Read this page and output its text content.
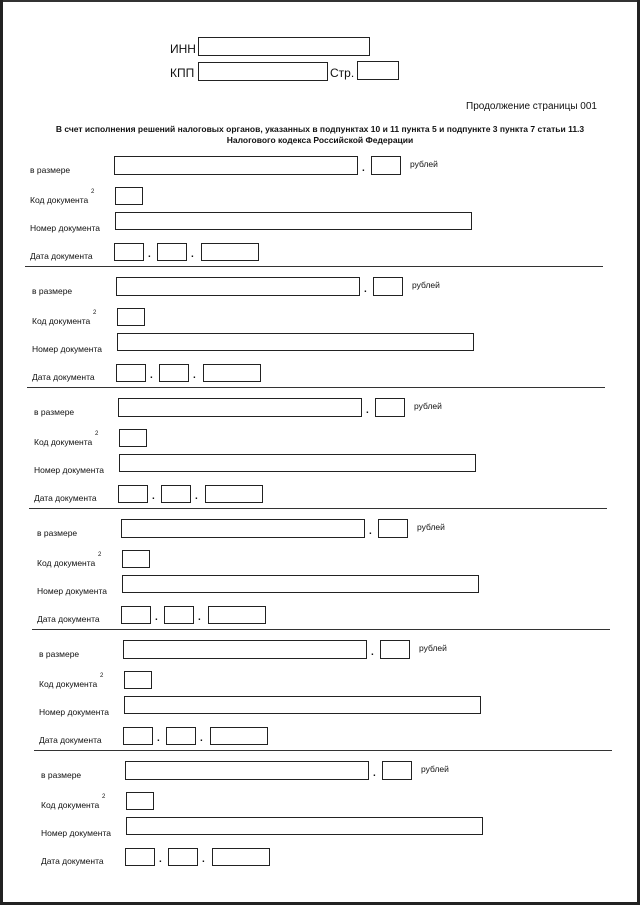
ИНН
КПП	Стр.
Продолжение страницы 001
В счет исполнения решений налоговых органов, указанных в подпунктах 10 и 11 пункта 5 и подпункте 3 пункта 7 статьи 11.3
Налогового кодекса Российской Федерации
в размере	.	рублей
Код документа
2
Номер документа
Дата документа	.	.
в размере	.	рублей
Код документа
2
Номер документа
Дата документа	.	.
в размере	.	рублей
Код документа
2
Номер документа
Дата документа	.	.
в размере	.	рублей
Код документа
2
Номер документа
Дата документа	.	.
в размере	.	рублей
Код документа
2
Номер документа
Дата документа	.	.
в размере	.	рублей
Код документа
2
Номер документа
Дата документа	.	.
